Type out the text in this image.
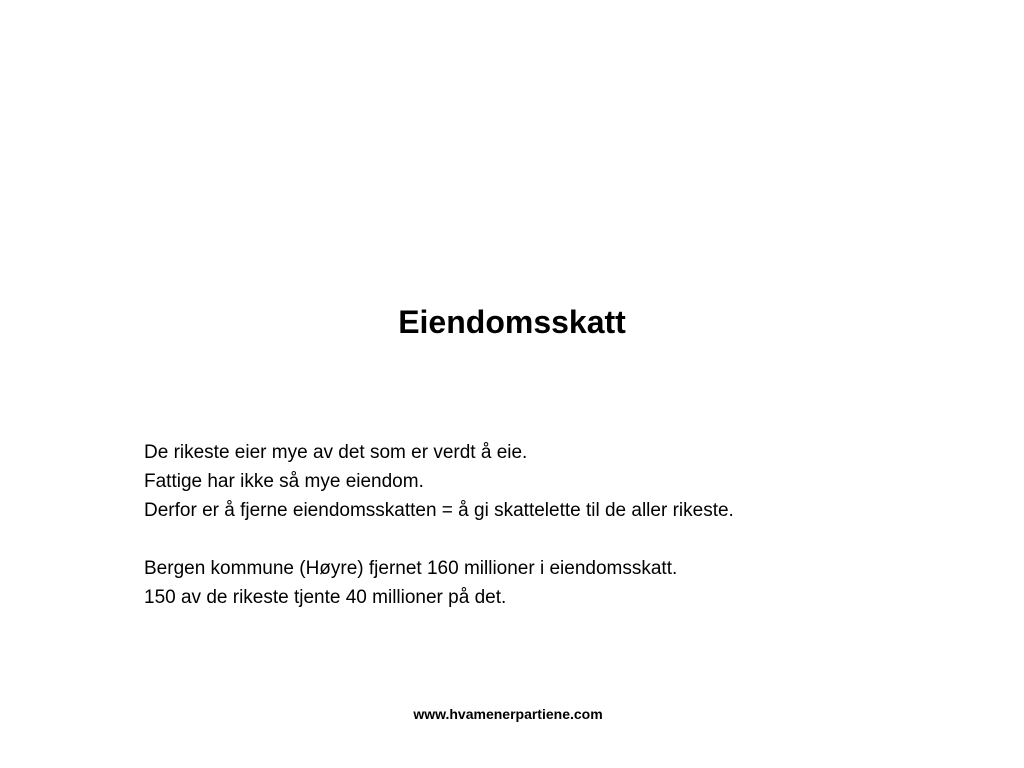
Eiendomsskatt
De rikeste eier mye av det som er verdt å eie.
Fattige har ikke så mye eiendom.
Derfor er å fjerne eiendomsskatten = å gi skattelette til de aller rikeste.
Bergen kommune (Høyre) fjernet 160 millioner i eiendomsskatt.
150 av de rikeste tjente 40 millioner på det.
www.hvamenerpartiene.com
